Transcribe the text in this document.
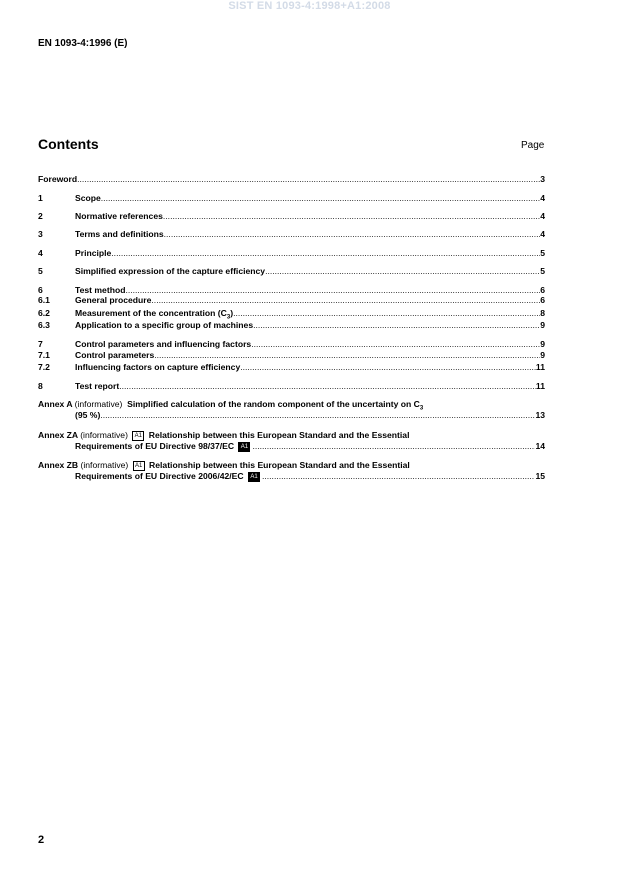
SIST EN 1093-4:1998+A1:2008
EN 1093-4:1996 (E)
Contents	Page
Foreword .....	3
1	Scope .....	4
2	Normative references .....	4
3	Terms and definitions .....	4
4	Principle .....	5
5	Simplified expression of the capture efficiency .....	5
6	Test method .....	6
6.1	General procedure .....	6
6.2	Measurement of the concentration $(C_3)$ .....	8
6.3	Application to a specific group of machines .....	9
7	Control parameters and influencing factors .....	9
7.1	Control parameters .....	9
7.2	Influencing factors on capture efficiency .....	11
8	Test report .....	11
Annex A (informative) Simplified calculation of the random component of the uncertainty on $C_3$
(95 %) .....	13
Annex ZA (informative) A1 Relationship between this European Standard and the Essential
Requirements of EU Directive 98/37/EC A1 .....	14
Annex ZB (informative) A1 Relationship between this European Standard and the Essential
Requirements of EU Directive 2006/42/EC A1 .....	15
2
